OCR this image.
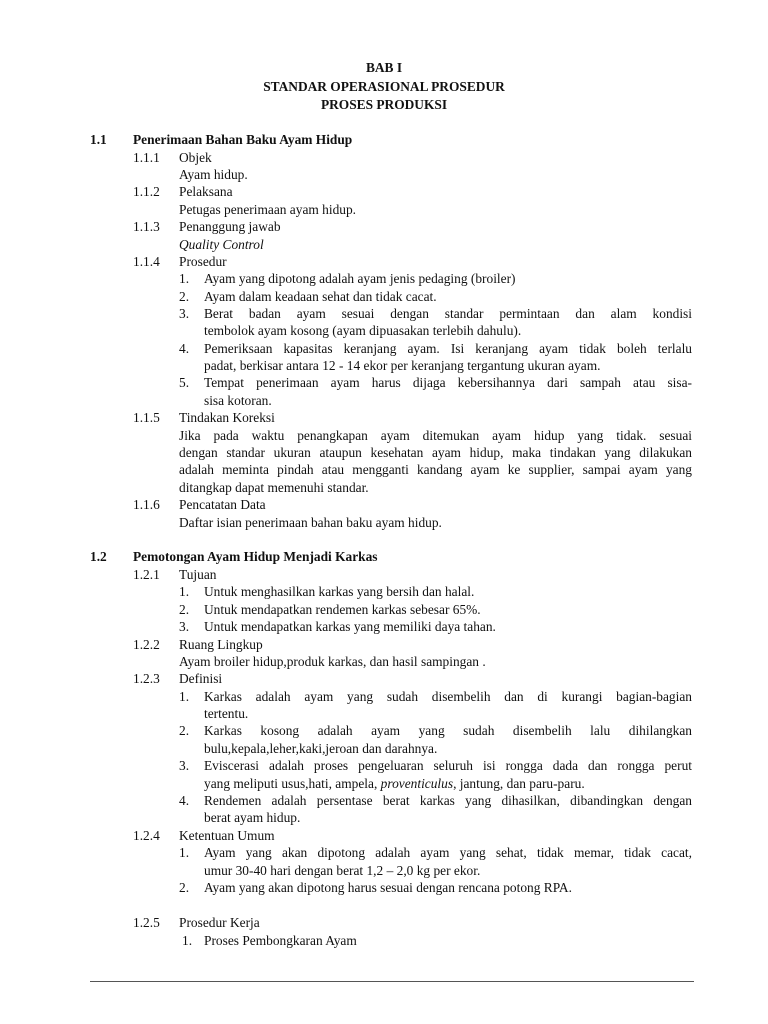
BAB I
STANDAR OPERASIONAL PROSEDUR
PROSES PRODUKSI
1.1 Penerimaan Bahan Baku Ayam Hidup
1.1.1 Objek
Ayam hidup.
1.1.2 Pelaksana
Petugas penerimaan ayam hidup.
1.1.3 Penanggung jawab
Quality Control
1.1.4 Prosedur
1. Ayam yang dipotong adalah ayam jenis pedaging (broiler)
2. Ayam dalam keadaan sehat dan tidak cacat.
3. Berat badan ayam sesuai dengan standar permintaan dan alam kondisi
tembolok ayam kosong (ayam dipuasakan terlebih dahulu).
4. Pemeriksaan kapasitas keranjang ayam. Isi keranjang ayam tidak boleh terlalu
padat, berkisar antara 12 - 14 ekor per keranjang tergantung ukuran ayam.
5. Tempat penerimaan ayam harus dijaga kebersihannya dari sampah atau sisa-
sisa kotoran.
1.1.5 Tindakan Koreksi
Jika pada waktu penangkapan ayam ditemukan ayam hidup yang tidak. sesuai
dengan standar ukuran ataupun kesehatan ayam hidup, maka tindakan yang dilakukan
adalah meminta pindah atau mengganti kandang ayam ke supplier, sampai ayam yang
ditangkap dapat memenuhi standar.
1.1.6 Pencatatan Data
Daftar isian penerimaan bahan baku ayam hidup.
1.2 Pemotongan Ayam Hidup Menjadi Karkas
1.2.1 Tujuan
1. Untuk menghasilkan karkas yang bersih dan halal.
2. Untuk mendapatkan rendemen karkas sebesar 65%.
3. Untuk mendapatkan karkas yang memiliki daya tahan.
1.2.2 Ruang Lingkup
Ayam broiler hidup,produk karkas, dan hasil sampingan .
1.2.3 Definisi
1. Karkas adalah ayam yang sudah disembelih dan di kurangi bagian-bagian
tertentu.
2. Karkas kosong adalah ayam yang sudah disembelih lalu dihilangkan
bulu,kepala,leher,kaki,jeroan dan darahnya.
3. Eviscerasi adalah proses pengeluaran seluruh isi rongga dada dan rongga perut
yang meliputi usus,hati, ampela, proventiculus, jantung, dan paru-paru.
4. Rendemen adalah persentase berat karkas yang dihasilkan, dibandingkan dengan
berat ayam hidup.
1.2.4 Ketentuan Umum
1. Ayam yang akan dipotong adalah ayam yang sehat, tidak memar, tidak cacat,
umur 30-40 hari dengan berat 1,2 – 2,0 kg per ekor.
2. Ayam yang akan dipotong harus sesuai dengan rencana potong RPA.
1.2.5 Prosedur Kerja
1. Proses Pembongkaran Ayam
